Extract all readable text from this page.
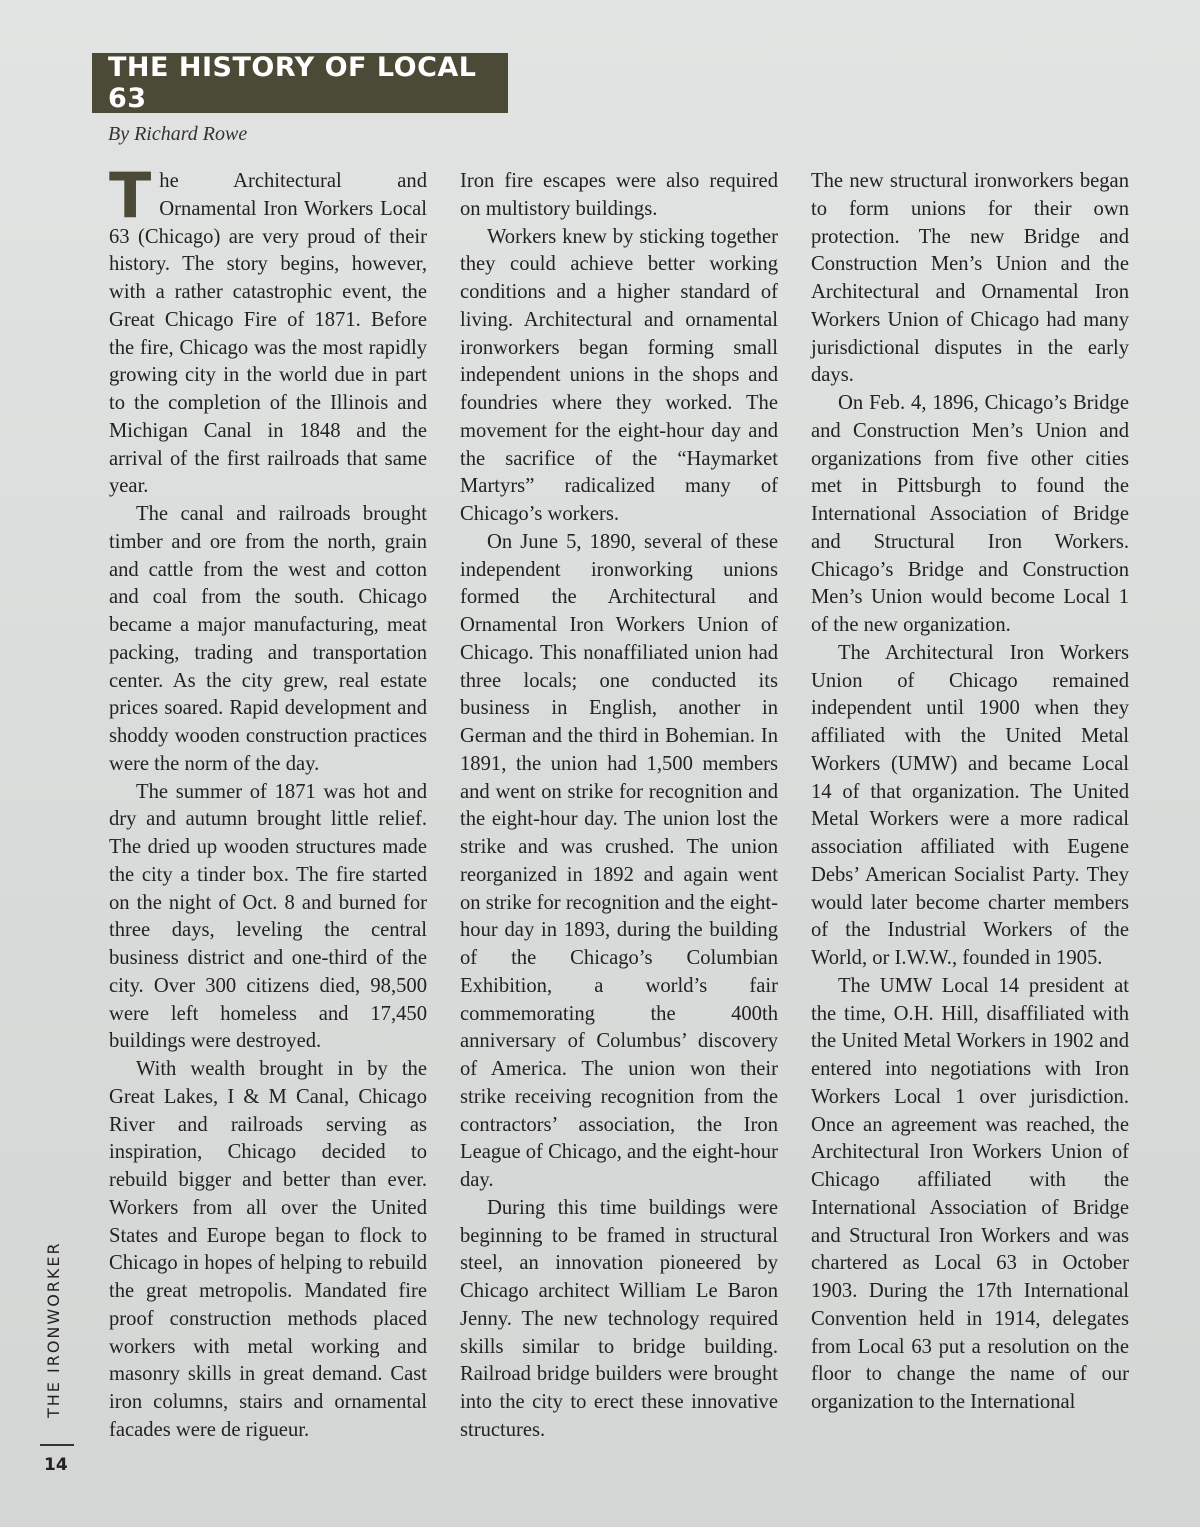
THE HISTORY OF LOCAL 63
By Richard Rowe

The Architectural and Ornamental Iron Workers Local 63 (Chicago) are very proud of their history. The story begins, however, with a rather catastrophic event, the Great Chicago Fire of 1871. Before the fire, Chicago was the most rapidly growing city in the world due in part to the completion of the Illinois and Michigan Canal in 1848 and the arrival of the first railroads that same year.

The canal and railroads brought timber and ore from the north, grain and cattle from the west and cotton and coal from the south. Chicago became a major manufacturing, meat packing, trading and transportation center. As the city grew, real estate prices soared. Rapid development and shoddy wooden construction practices were the norm of the day.

The summer of 1871 was hot and dry and autumn brought little relief. The dried up wooden structures made the city a tinder box. The fire started on the night of Oct. 8 and burned for three days, leveling the central business district and one-third of the city. Over 300 citizens died, 98,500 were left homeless and 17,450 buildings were destroyed.

With wealth brought in by the Great Lakes, I & M Canal, Chicago River and railroads serving as inspiration, Chicago decided to rebuild bigger and better than ever. Workers from all over the United States and Europe began to flock to Chicago in hopes of helping to rebuild the great metropolis. Mandated fire proof construction methods placed workers with metal working and masonry skills in great demand. Cast iron columns, stairs and ornamental facades were de rigueur.

Iron fire escapes were also required on multistory buildings.

Workers knew by sticking together they could achieve better working conditions and a higher standard of living. Architectural and ornamental ironworkers began forming small independent unions in the shops and foundries where they worked. The movement for the eight-hour day and the sacrifice of the “Haymarket Martyrs” radicalized many of Chicago’s workers.

On June 5, 1890, several of these independent ironworking unions formed the Architectural and Ornamental Iron Workers Union of Chicago. This nonaffiliated union had three locals; one conducted its business in English, another in German and the third in Bohemian. In 1891, the union had 1,500 members and went on strike for recognition and the eight-hour day. The union lost the strike and was crushed. The union reorganized in 1892 and again went on strike for recognition and the eight-hour day in 1893, during the building of the Chicago’s Columbian Exhibition, a world’s fair commemorating the 400th anniversary of Columbus’ discovery of America. The union won their strike receiving recognition from the contractors’ association, the Iron League of Chicago, and the eight-hour day.

During this time buildings were beginning to be framed in structural steel, an innovation pioneered by Chicago architect William Le Baron Jenny. The new technology required skills similar to bridge building. Railroad bridge builders were brought into the city to erect these innovative structures.

The new structural ironworkers began to form unions for their own protection. The new Bridge and Construction Men’s Union and the Architectural and Ornamental Iron Workers Union of Chicago had many jurisdictional disputes in the early days.

On Feb. 4, 1896, Chicago’s Bridge and Construction Men’s Union and organizations from five other cities met in Pittsburgh to found the International Association of Bridge and Structural Iron Workers. Chicago’s Bridge and Construction Men’s Union would become Local 1 of the new organization.

The Architectural Iron Workers Union of Chicago remained independent until 1900 when they affiliated with the United Metal Workers (UMW) and became Local 14 of that organization. The United Metal Workers were a more radical association affiliated with Eugene Debs’ American Socialist Party. They would later become charter members of the Industrial Workers of the World, or I.W.W., founded in 1905.

The UMW Local 14 president at the time, O.H. Hill, disaffiliated with the United Metal Workers in 1902 and entered into negotiations with Iron Workers Local 1 over jurisdiction. Once an agreement was reached, the Architectural Iron Workers Union of Chicago affiliated with the International Association of Bridge and Structural Iron Workers and was chartered as Local 63 in October 1903. During the 17th International Convention held in 1914, delegates from Local 63 put a resolution on the floor to change the name of our organization to the International

THE IRONWORKER
14
